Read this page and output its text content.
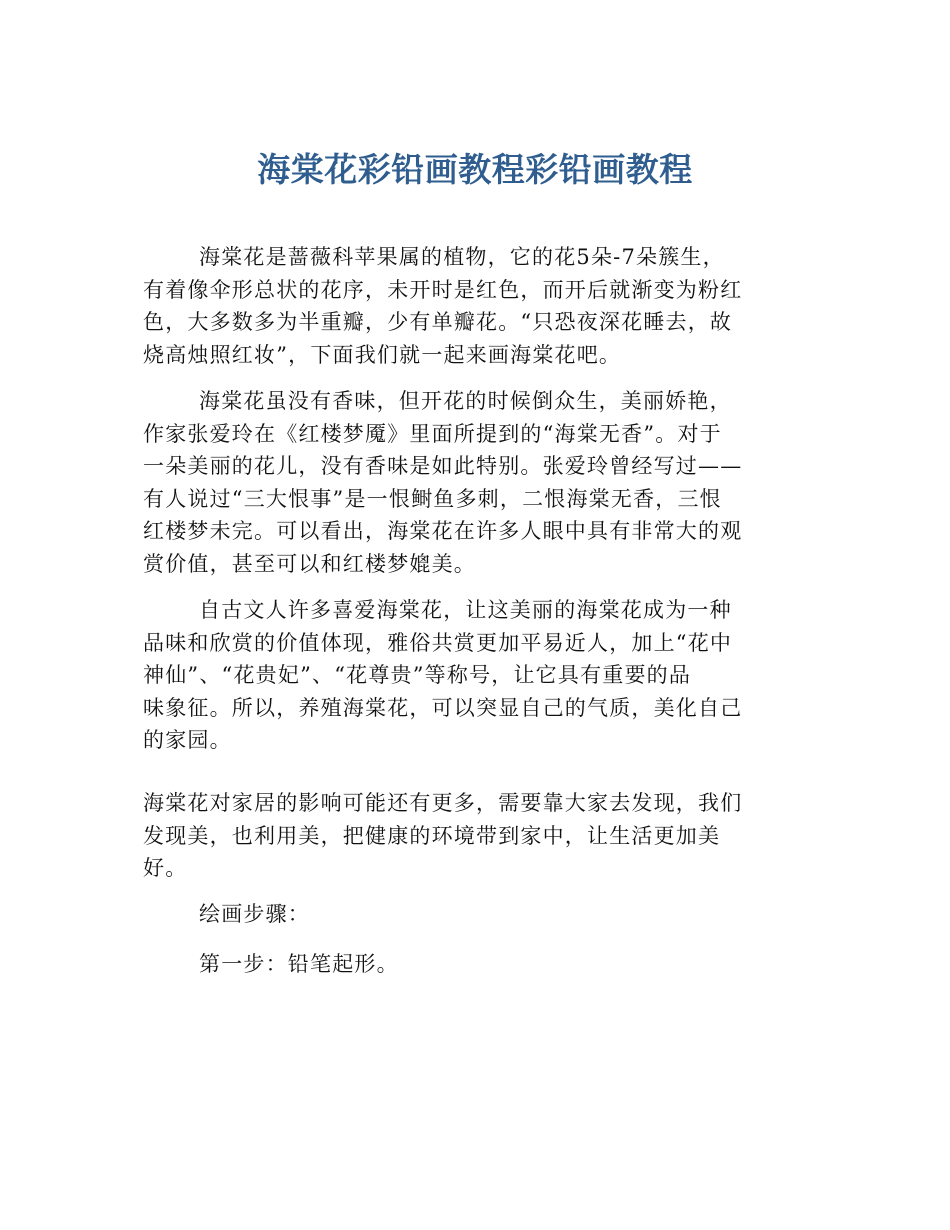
海棠花彩铅画教程彩铅画教程
海棠花是蔷薇科苹果属的植物，它的花5朵-7朵簇生，
有着像伞形总状的花序，未开时是红色，而开后就渐变为粉红
色，大多数多为半重瓣，少有单瓣花。“只恐夜深花睡去，故
烧高烛照红妆”，下面我们就一起来画海棠花吧。
海棠花虽没有香味，但开花的时候倒众生，美丽娇艳，
作家张爱玲在《红楼梦魇》里面所提到的“海棠无香”。对于
一朵美丽的花儿，没有香味是如此特别。张爱玲曾经写过——
有人说过“三大恨事”是一恨鲥鱼多刺，二恨海棠无香，三恨
红楼梦未完。可以看出，海棠花在许多人眼中具有非常大的观
赏价值，甚至可以和红楼梦媲美。
自古文人许多喜爱海棠花，让这美丽的海棠花成为一种
品味和欣赏的价值体现，雅俗共赏更加平易近人，加上“花中
神仙”、“花贵妃”、“花尊贵”等称号，让它具有重要的品
味象征。所以，养殖海棠花，可以突显自己的气质，美化自己
的家园。
海棠花对家居的影响可能还有更多，需要靠大家去发现，我们
发现美，也利用美，把健康的环境带到家中，让生活更加美
好。
绘画步骤：
第一步：铅笔起形。
